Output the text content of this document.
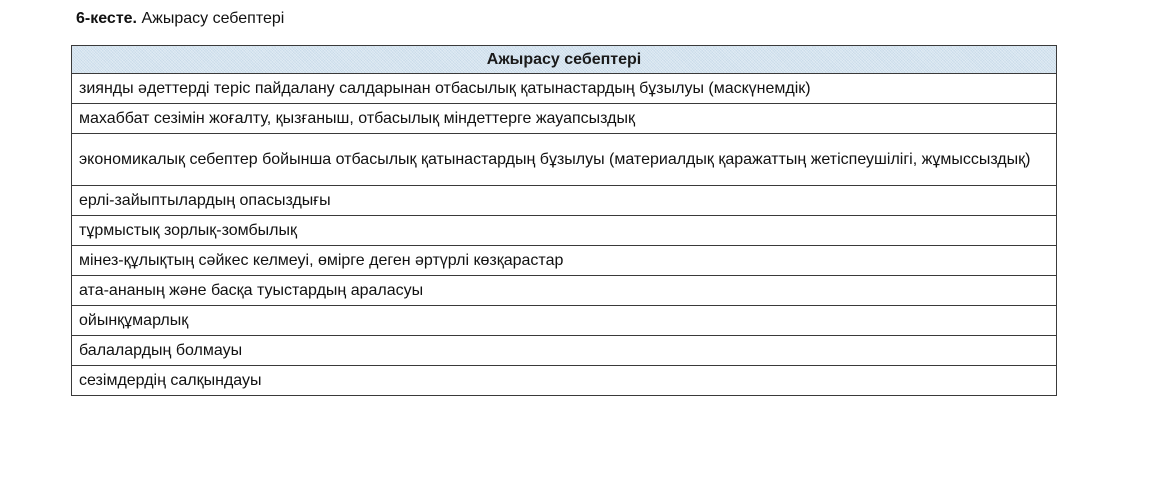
6-кесте. Ажырасу себептері
Ажырасу себептері
зиянды әдеттерді теріс пайдалану салдарынан отбасылық қатынастардың бұзылуы (маскүнемдік)
махаббат сезімін жоғалту, қызғаныш, отбасылық міндеттерге жауапсыздық
экономикалық себептер бойынша отбасылық қатынастардың бұзылуы (материалдық қаражаттың жетіспеушілігі, жұмыссыздық)
ерлі-зайыптылардың опасыздығы
тұрмыстық зорлық-зомбылық
мінез-құлықтың сәйкес келмеуі, өмірге деген әртүрлі көзқарастар
ата-ананың және басқа туыстардың араласуы
ойынқұмарлық
балалардың болмауы
сезімдердің салқындауы
